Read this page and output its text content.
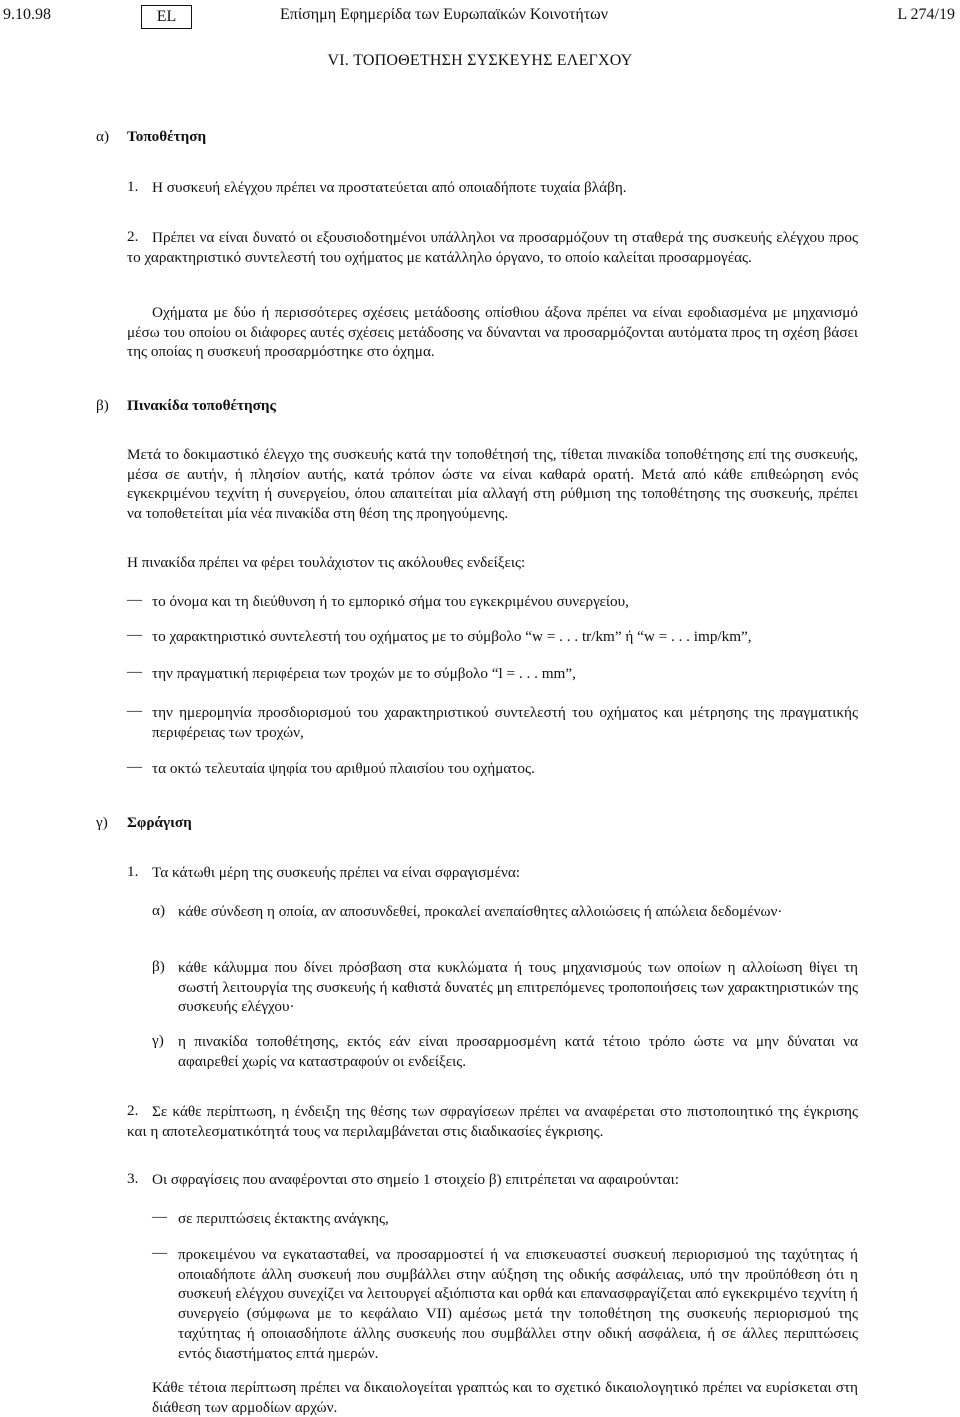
9.10.98	EL	Επίσημη Εφημερίδα των Ευρωπαϊκών Κοινοτήτων	L 274/19
VI. ΤΟΠΟΘΕΤΗΣΗ ΣΥΣΚΕΥΗΣ ΕΛΕΓΧΟΥ
α) Τοποθέτηση
1. Η συσκευή ελέγχου πρέπει να προστατεύεται από οποιαδήποτε τυχαία βλάβη.
2. Πρέπει να είναι δυνατό οι εξουσιοδοτημένοι υπάλληλοι να προσαρμόζουν τη σταθερά της συσκευής ελέγχου προς το χαρακτηριστικό συντελεστή του οχήματος με κατάλληλο όργανο, το οποίο καλείται προσαρμογέας.
Οχήματα με δύο ή περισσότερες σχέσεις μετάδοσης οπίσθιου άξονα πρέπει να είναι εφοδιασμένα με μηχανισμό μέσω του οποίου οι διάφορες αυτές σχέσεις μετάδοσης να δύνανται να προσαρμόζονται αυτόματα προς τη σχέση βάσει της οποίας η συσκευή προσαρμόστηκε στο όχημα.
β) Πινακίδα τοποθέτησης
Μετά το δοκιμαστικό έλεγχο της συσκευής κατά την τοποθέτησή της, τίθεται πινακίδα τοποθέτησης επί της συσκευής, μέσα σε αυτήν, ή πλησίον αυτής, κατά τρόπον ώστε να είναι καθαρά ορατή. Μετά από κάθε επιθεώρηση ενός εγκεκριμένου τεχνίτη ή συνεργείου, όπου απαιτείται μία αλλαγή στη ρύθμιση της τοποθέτησης της συσκευής, πρέπει να τοποθετείται μία νέα πινακίδα στη θέση της προηγούμενης.
Η πινακίδα πρέπει να φέρει τουλάχιστον τις ακόλουθες ενδείξεις:
— το όνομα και τη διεύθυνση ή το εμπορικό σήμα του εγκεκριμένου συνεργείου,
— το χαρακτηριστικό συντελεστή του οχήματος με το σύμβολο “w = . . . tr/km” ή “w = . . . imp/km”,
— την πραγματική περιφέρεια των τροχών με το σύμβολο “l = . . . mm”,
— την ημερομηνία προσδιορισμού του χαρακτηριστικού συντελεστή του οχήματος και μέτρησης της πραγματικής περιφέρειας των τροχών,
— τα οκτώ τελευταία ψηφία του αριθμού πλαισίου του οχήματος.
γ) Σφράγιση
1. Τα κάτωθι μέρη της συσκευής πρέπει να είναι σφραγισμένα:
α) κάθε σύνδεση η οποία, αν αποσυνδεθεί, προκαλεί ανεπαίσθητες αλλοιώσεις ή απώλεια δεδομένων·
β) κάθε κάλυμμα που δίνει πρόσβαση στα κυκλώματα ή τους μηχανισμούς των οποίων η αλλοίωση θίγει τη σωστή λειτουργία της συσκευής ή καθιστά δυνατές μη επιτρεπόμενες τροποποιήσεις των χαρακτηριστικών της συσκευής ελέγχου·
γ) η πινακίδα τοποθέτησης, εκτός εάν είναι προσαρμοσμένη κατά τέτοιο τρόπο ώστε να μην δύναται να αφαιρεθεί χωρίς να καταστραφούν οι ενδείξεις.
2. Σε κάθε περίπτωση, η ένδειξη της θέσης των σφραγίσεων πρέπει να αναφέρεται στο πιστοποιητικό της έγκρισης και η αποτελεσματικότητά τους να περιλαμβάνεται στις διαδικασίες έγκρισης.
3. Οι σφραγίσεις που αναφέρονται στο σημείο 1 στοιχείο β) επιτρέπεται να αφαιρούνται:
— σε περιπτώσεις έκτακτης ανάγκης,
— προκειμένου να εγκατασταθεί, να προσαρμοστεί ή να επισκευαστεί συσκευή περιορισμού της ταχύτητας ή οποιαδήποτε άλλη συσκευή που συμβάλλει στην αύξηση της οδικής ασφάλειας, υπό την προϋπόθεση ότι η συσκευή ελέγχου συνεχίζει να λειτουργεί αξιόπιστα και ορθά και επανασφραγίζεται από εγκεκριμένο τεχνίτη ή συνεργείο (σύμφωνα με το κεφάλαιο VII) αμέσως μετά την τοποθέτηση της συσκευής περιορισμού της ταχύτητας ή οποιασδήποτε άλλης συσκευής που συμβάλλει στην οδική ασφάλεια, ή σε άλλες περιπτώσεις εντός διαστήματος επτά ημερών.
Κάθε τέτοια περίπτωση πρέπει να δικαιολογείται γραπτώς και το σχετικό δικαιολογητικό πρέπει να ευρίσκεται στη διάθεση των αρμοδίων αρχών.
